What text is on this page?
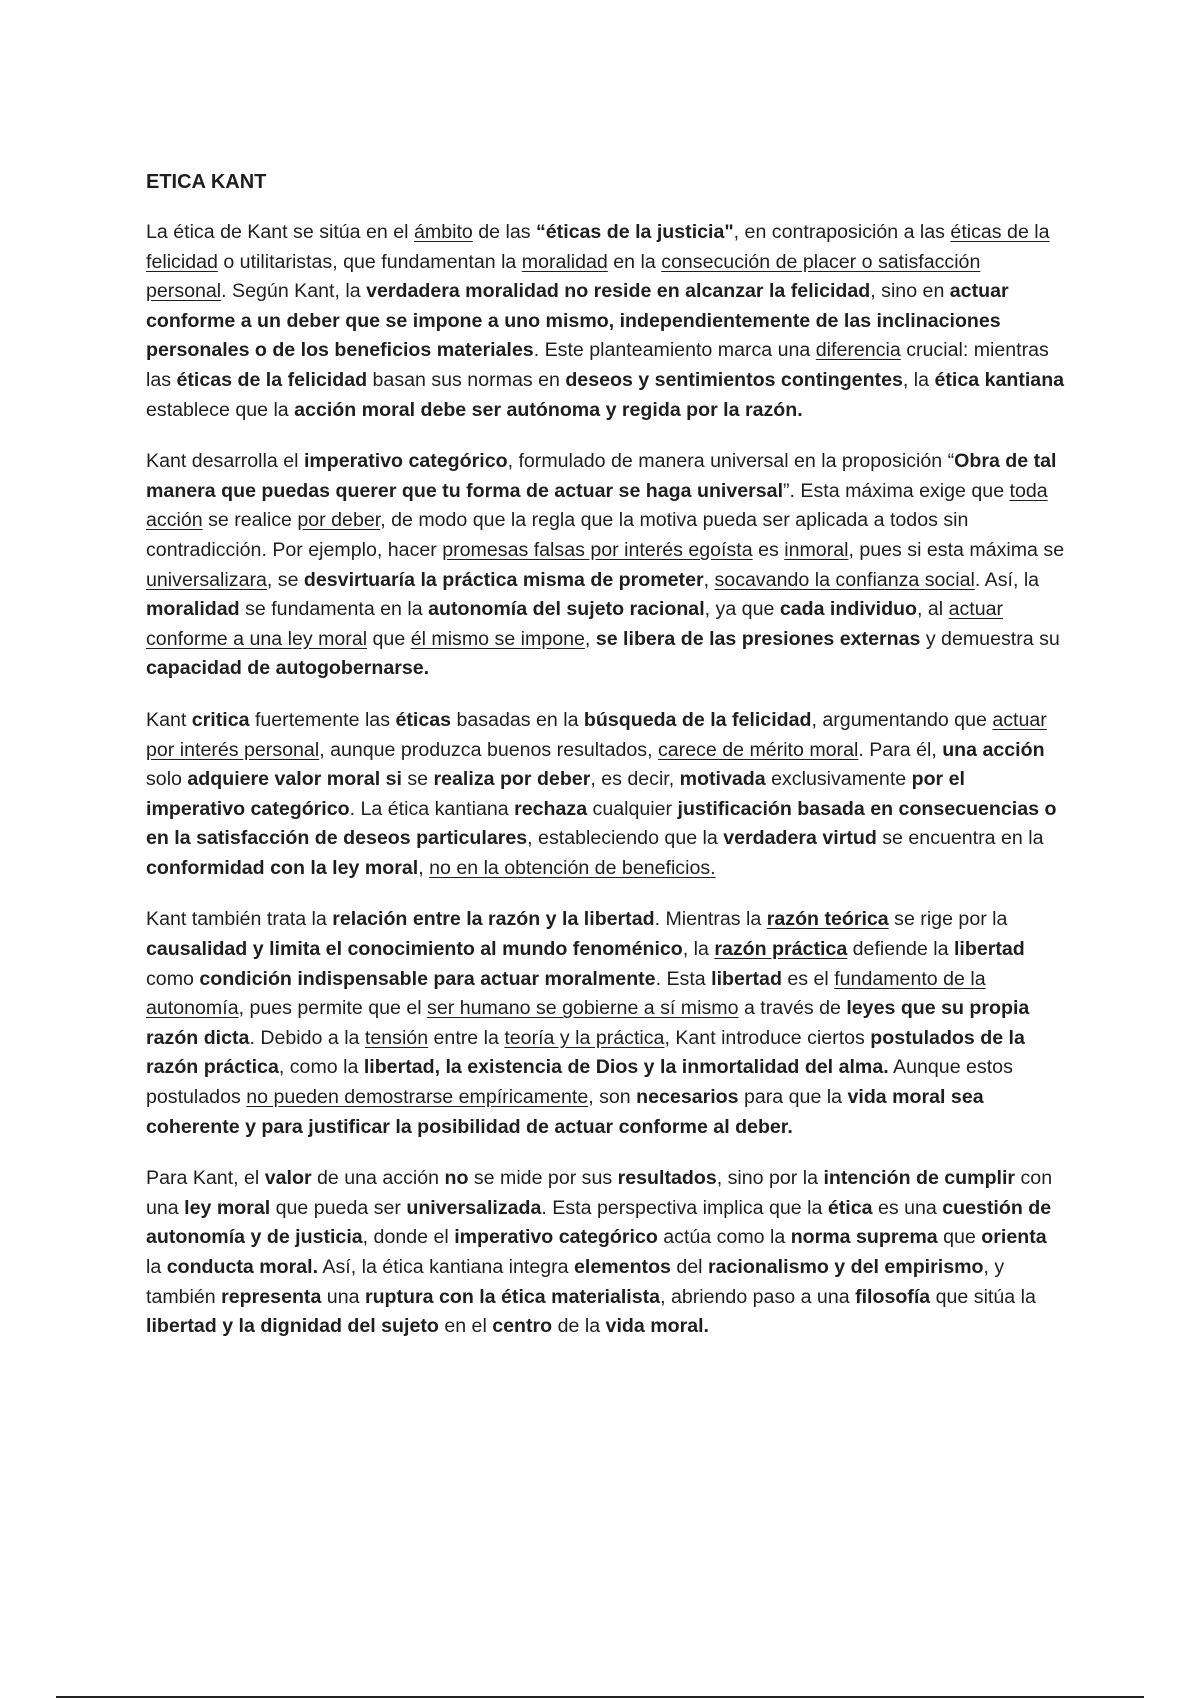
ETICA KANT

La ética de Kant se sitúa en el ámbito de las “éticas de la justicia", en contraposición a las éticas de la felicidad o utilitaristas, que fundamentan la moralidad en la consecución de placer o satisfacción personal. Según Kant, la verdadera moralidad no reside en alcanzar la felicidad, sino en actuar conforme a un deber que se impone a uno mismo, independientemente de las inclinaciones personales o de los beneficios materiales. Este planteamiento marca una diferencia crucial: mientras las éticas de la felicidad basan sus normas en deseos y sentimientos contingentes, la ética kantiana establece que la acción moral debe ser autónoma y regida por la razón.

Kant desarrolla el imperativo categórico, formulado de manera universal en la proposición “Obra de tal manera que puedas querer que tu forma de actuar se haga universal”. Esta máxima exige que toda acción se realice por deber, de modo que la regla que la motiva pueda ser aplicada a todos sin contradicción. Por ejemplo, hacer promesas falsas por interés egoísta es inmoral, pues si esta máxima se universalizara, se desvirtuaría la práctica misma de prometer, socavando la confianza social. Así, la moralidad se fundamenta en la autonomía del sujeto racional, ya que cada individuo, al actuar conforme a una ley moral que él mismo se impone, se libera de las presiones externas y demuestra su capacidad de autogobernarse.

Kant critica fuertemente las éticas basadas en la búsqueda de la felicidad, argumentando que actuar por interés personal, aunque produzca buenos resultados, carece de mérito moral. Para él, una acción solo adquiere valor moral si se realiza por deber, es decir, motivada exclusivamente por el imperativo categórico. La ética kantiana rechaza cualquier justificación basada en consecuencias o en la satisfacción de deseos particulares, estableciendo que la verdadera virtud se encuentra en la conformidad con la ley moral, no en la obtención de beneficios.

Kant también trata la relación entre la razón y la libertad. Mientras la razón teórica se rige por la causalidad y limita el conocimiento al mundo fenoménico, la razón práctica defiende la libertad como condición indispensable para actuar moralmente. Esta libertad es el fundamento de la autonomía, pues permite que el ser humano se gobierne a sí mismo a través de leyes que su propia razón dicta. Debido a la tensión entre la teoría y la práctica, Kant introduce ciertos postulados de la razón práctica, como la libertad, la existencia de Dios y la inmortalidad del alma. Aunque estos postulados no pueden demostrarse empíricamente, son necesarios para que la vida moral sea coherente y para justificar la posibilidad de actuar conforme al deber.

Para Kant, el valor de una acción no se mide por sus resultados, sino por la intención de cumplir con una ley moral que pueda ser universalizada. Esta perspectiva implica que la ética es una cuestión de autonomía y de justicia, donde el imperativo categórico actúa como la norma suprema que orienta la conducta moral. Así, la ética kantiana integra elementos del racionalismo y del empirismo, y también representa una ruptura con la ética materialista, abriendo paso a una filosofía que sitúa la libertad y la dignidad del sujeto en el centro de la vida moral.
